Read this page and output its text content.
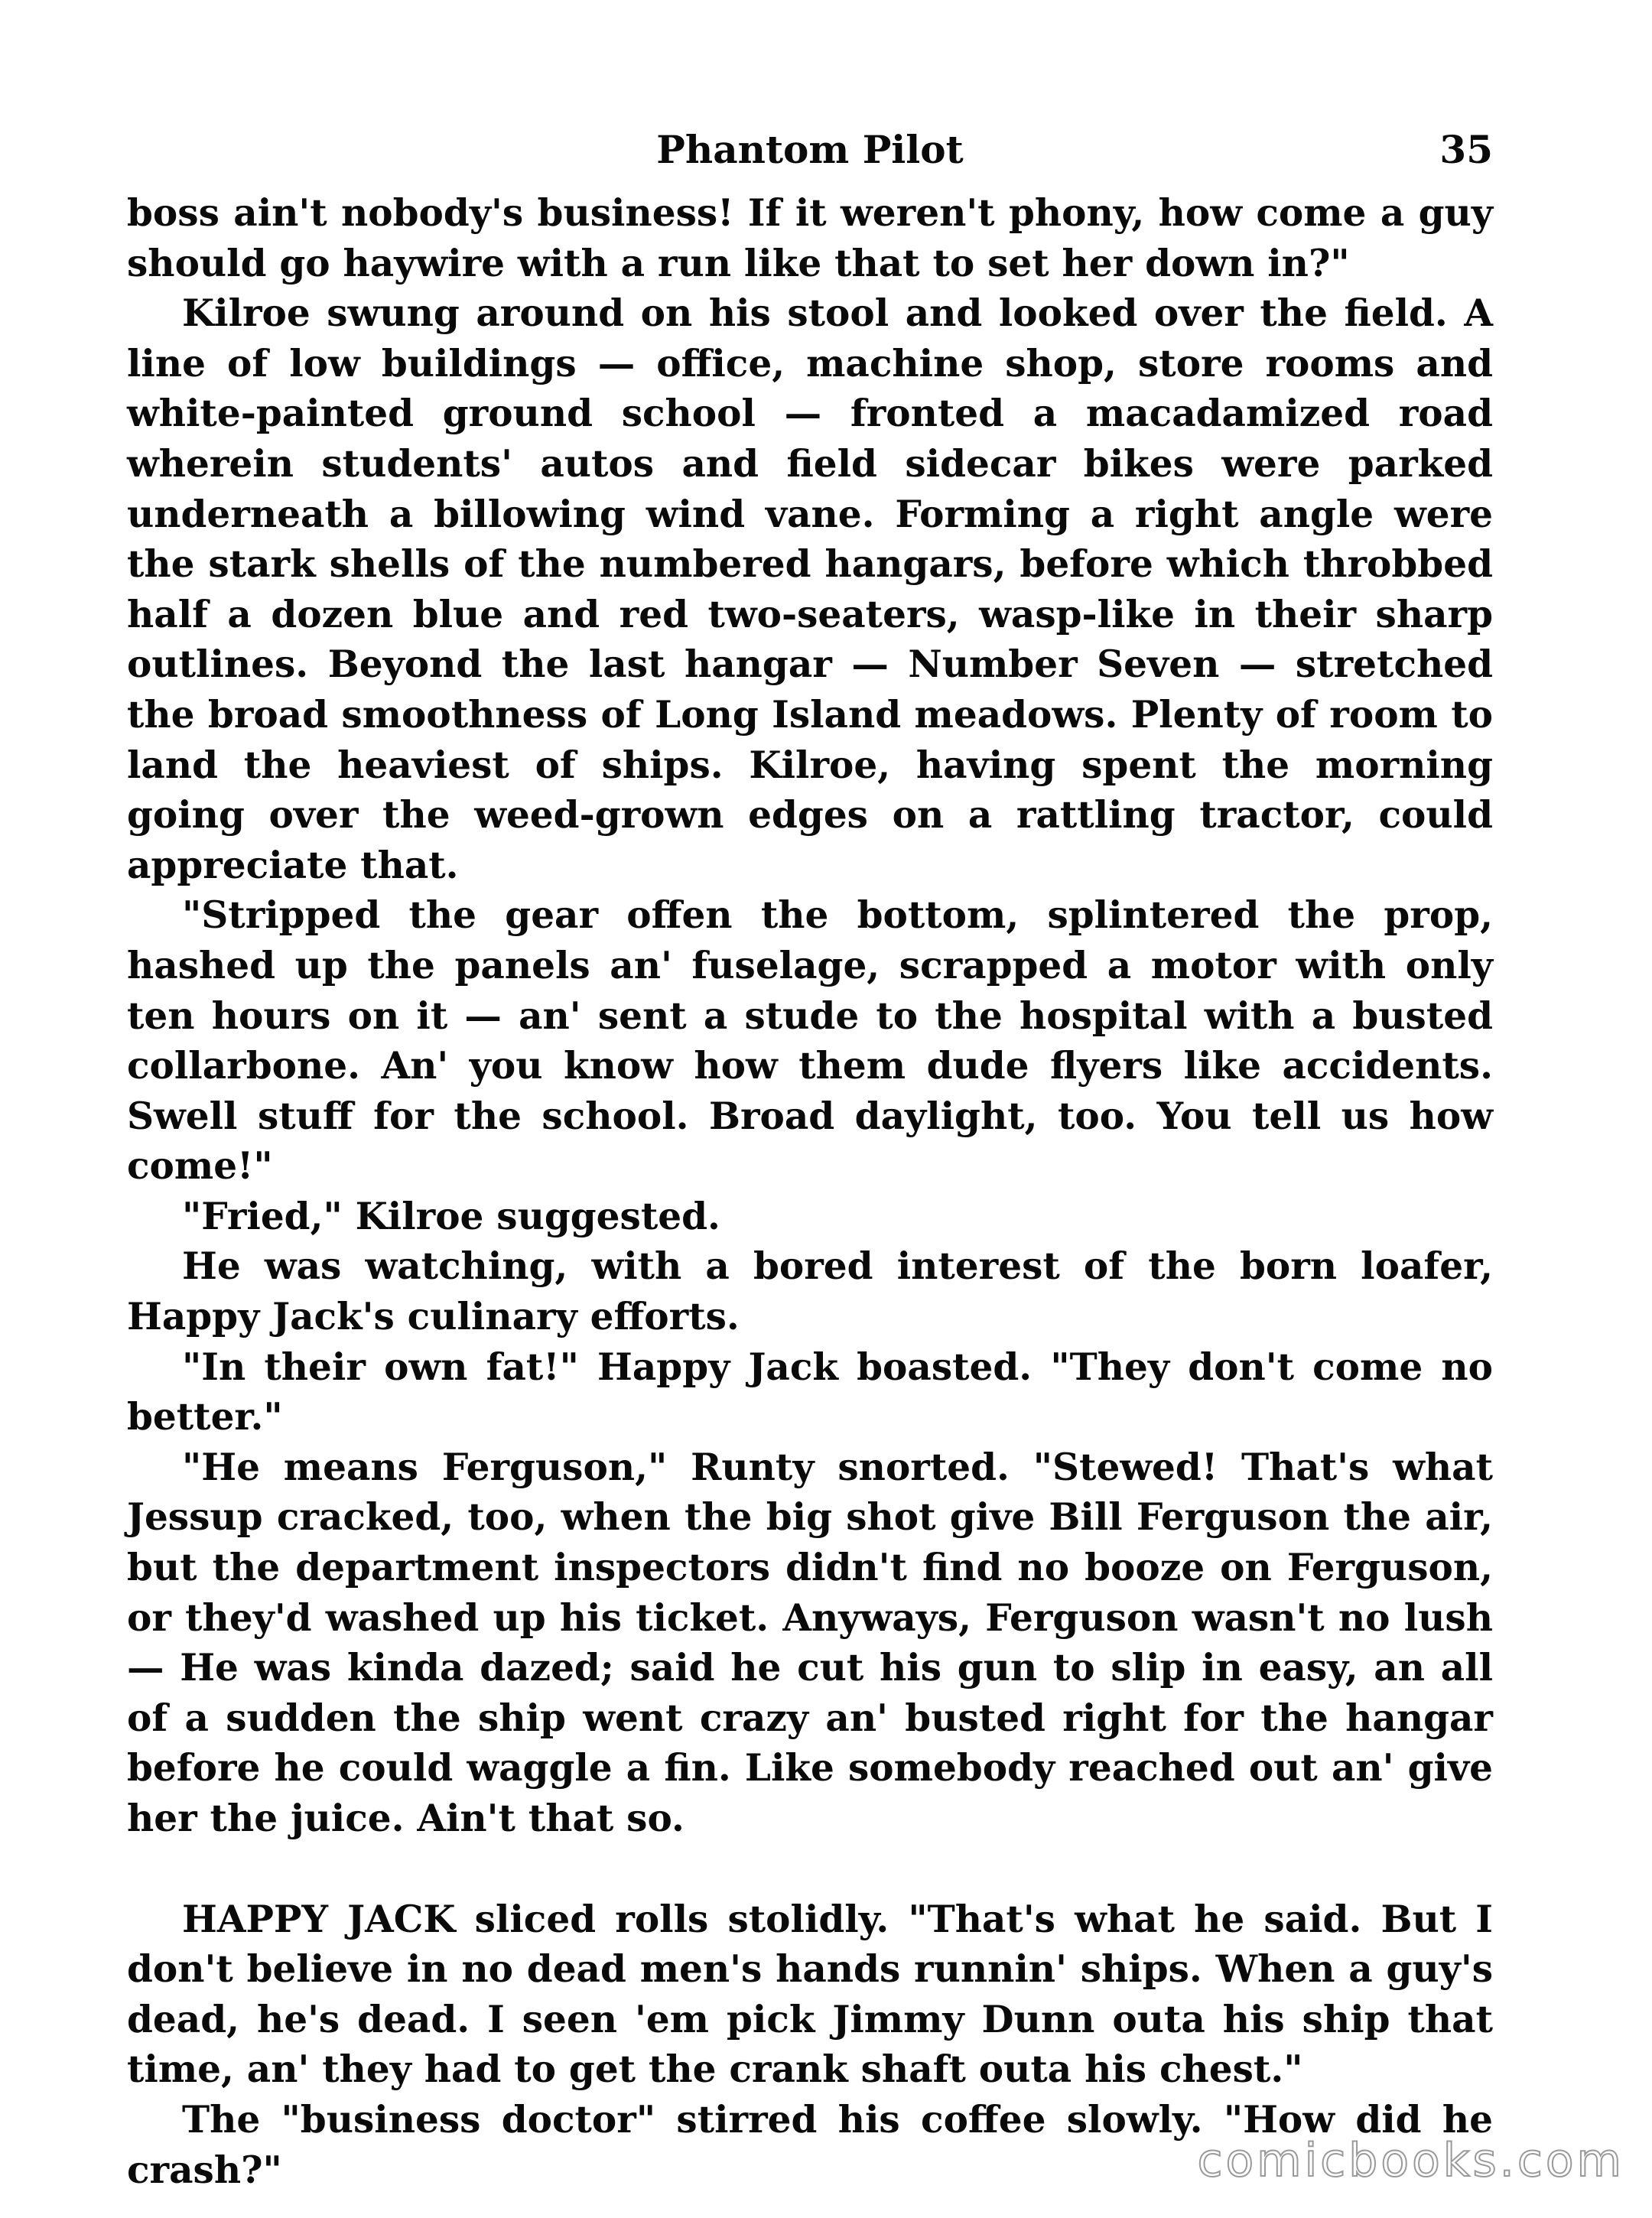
Phantom Pilot	35

boss ain't nobody's business! If it weren't phony, how come a guy should go haywire with a run like that to set her down in?"

Kilroe swung around on his stool and looked over the field. A line of low buildings — office, machine shop, store rooms and white-painted ground school — fronted a macadamized road wherein students' autos and field sidecar bikes were parked underneath a billowing wind vane. Forming a right angle were the stark shells of the numbered hangars, before which throbbed half a dozen blue and red two-seaters, wasp-like in their sharp outlines. Beyond the last hangar — Number Seven — stretched the broad smoothness of Long Island meadows. Plenty of room to land the heaviest of ships. Kilroe, having spent the morning going over the weed-grown edges on a rattling tractor, could appreciate that.

"Stripped the gear offen the bottom, splintered the prop, hashed up the panels an' fuselage, scrapped a motor with only ten hours on it — an' sent a stude to the hospital with a busted collarbone. An' you know how them dude flyers like accidents. Swell stuff for the school. Broad daylight, too. You tell us how come!"

"Fried," Kilroe suggested.

He was watching, with a bored interest of the born loafer, Happy Jack's culinary efforts.

"In their own fat!" Happy Jack boasted. "They don't come no better."

"He means Ferguson," Runty snorted. "Stewed! That's what Jessup cracked, too, when the big shot give Bill Ferguson the air, but the department inspectors didn't find no booze on Ferguson, or they'd washed up his ticket. Anyways, Ferguson wasn't no lush — He was kinda dazed; said he cut his gun to slip in easy, an all of a sudden the ship went crazy an' busted right for the hangar before he could waggle a fin. Like somebody reached out an' give her the juice. Ain't that so.

HAPPY JACK sliced rolls stolidly. "That's what he said. But I don't believe in no dead men's hands runnin' ships. When a guy's dead, he's dead. I seen 'em pick Jimmy Dunn outa his ship that time, an' they had to get the crank shaft outa his chest."

The "business doctor" stirred his coffee slowly. "How did he crash?"	comicbooks.com
